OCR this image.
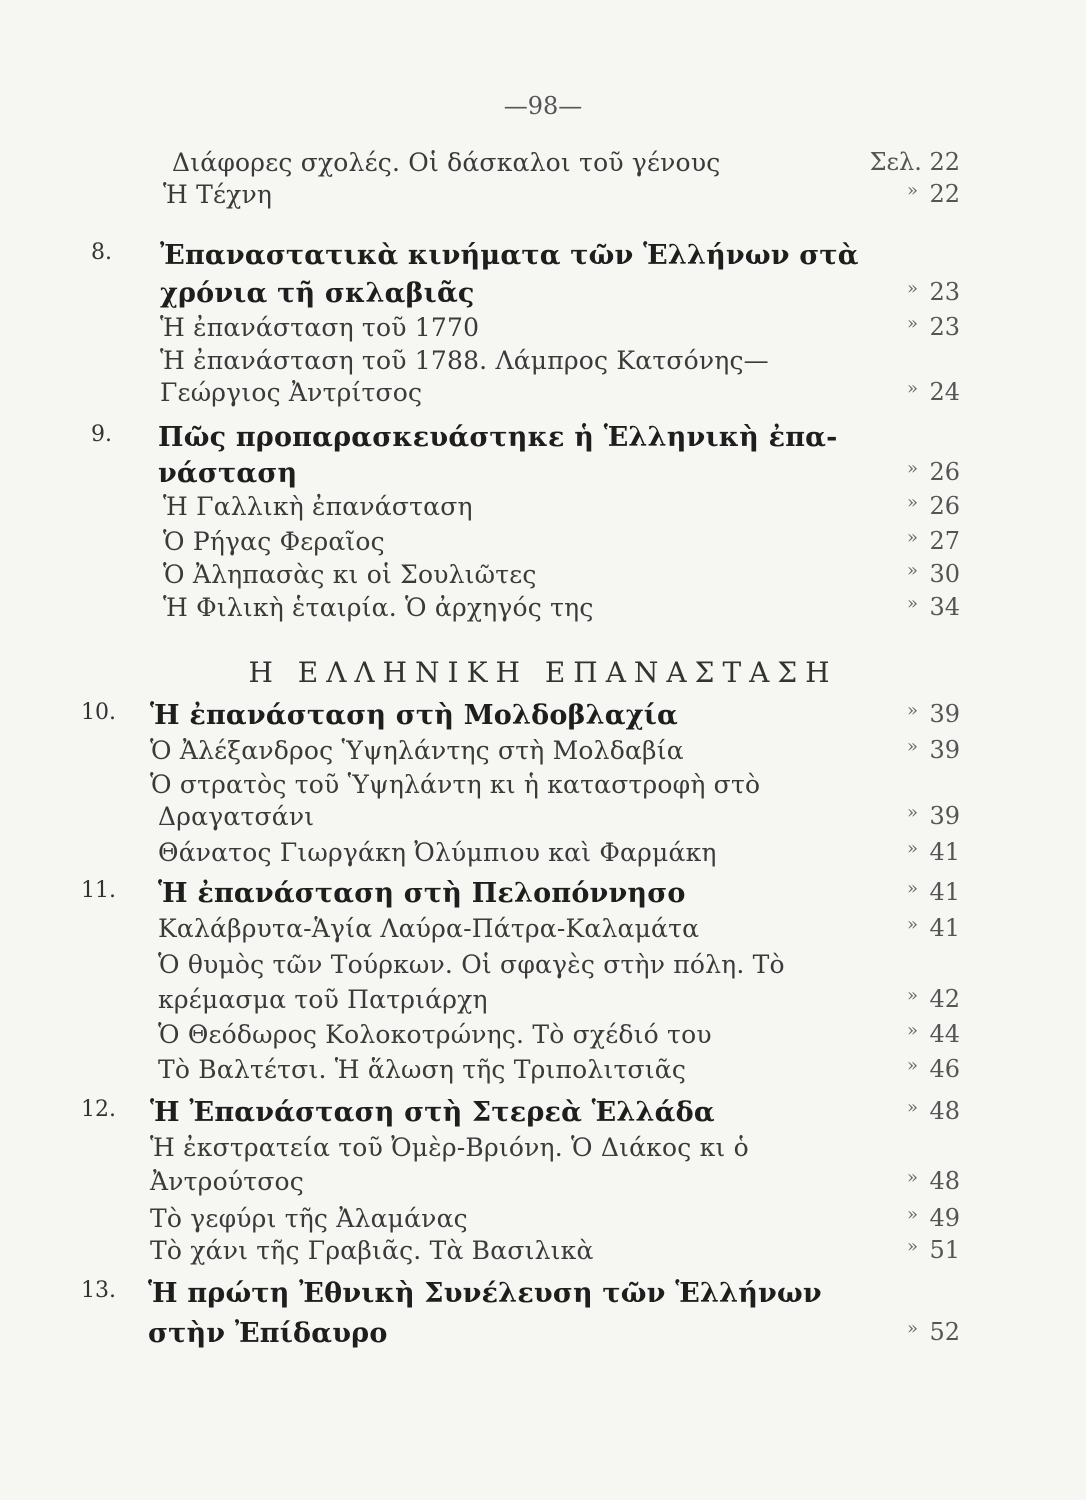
—98—
Διάφορες σχολές. Οἱ δάσκαλοι τοῦ γένους	Σελ. 22
Ἡ Τέχνη	» 22
8. Ἐπαναστατικὰ κινήματα τῶν Ἑλλήνων στὰ
χρόνια τῆ σκλαβιᾶς	» 23
Ἡ ἐπανάσταση τοῦ 1770	» 23
Ἡ ἐπανάσταση τοῦ 1788. Λάμπρος Κατσόνης—
Γεώργιος Ἀντρίτσος	» 24
9. Πῶς προπαρασκευάστηκε ἡ Ἑλληνικὴ ἐπα-
νάσταση	» 26
Ἡ Γαλλικὴ ἐπανάσταση	» 26
Ὁ Ρήγας Φεραῖος	» 27
Ὁ Ἀληπασὰς κι οἱ Σουλιῶτες	» 30
Ἡ Φιλικὴ ἑταιρία. Ὁ ἀρχηγός της	» 34
Η ΕΛΛΗΝΙΚΗ ΕΠΑΝΑΣΤΑΣΗ
10. Ἡ ἐπανάσταση στὴ Μολδοβλαχία	» 39
Ὁ Ἀλέξανδρος Ὑψηλάντης στὴ Μολδαβία	» 39
Ὁ στρατὸς τοῦ Ὑψηλάντη κι ἡ καταστροφὴ στὸ
Δραγατσάνι	» 39
Θάνατος Γιωργάκη Ὀλύμπιου καὶ Φαρμάκη	» 41
11. Ἡ ἐπανάσταση στὴ Πελοπόννησο	» 41
Καλάβρυτα-Ἁγία Λαύρα-Πάτρα-Καλαμάτα	» 41
Ὁ θυμὸς τῶν Τούρκων. Οἱ σφαγὲς στὴν πόλη. Τὸ
κρέμασμα τοῦ Πατριάρχη	» 42
Ὁ Θεόδωρος Κολοκοτρώνης. Τὸ σχέδιό του	» 44
Τὸ Βαλτέτσι. Ἡ ἅλωση τῆς Τριπολιτσιᾶς	» 46
12. Ἡ Ἐπανάσταση στὴ Στερεὰ Ἑλλάδα	» 48
Ἡ ἐκστρατεία τοῦ Ὀμὲρ-Βριόνη. Ὁ Διάκος κι ὁ
Ἀντρούτσος	» 48
Τὸ γεφύρι τῆς Ἀλαμάνας	» 49
Τὸ χάνι τῆς Γραβιᾶς. Τὰ Βασιλικὰ	» 51
13. Ἡ πρώτη Ἐθνικὴ Συνέλευση τῶν Ἑλλήνων
στὴν Ἐπίδαυρο	» 52
